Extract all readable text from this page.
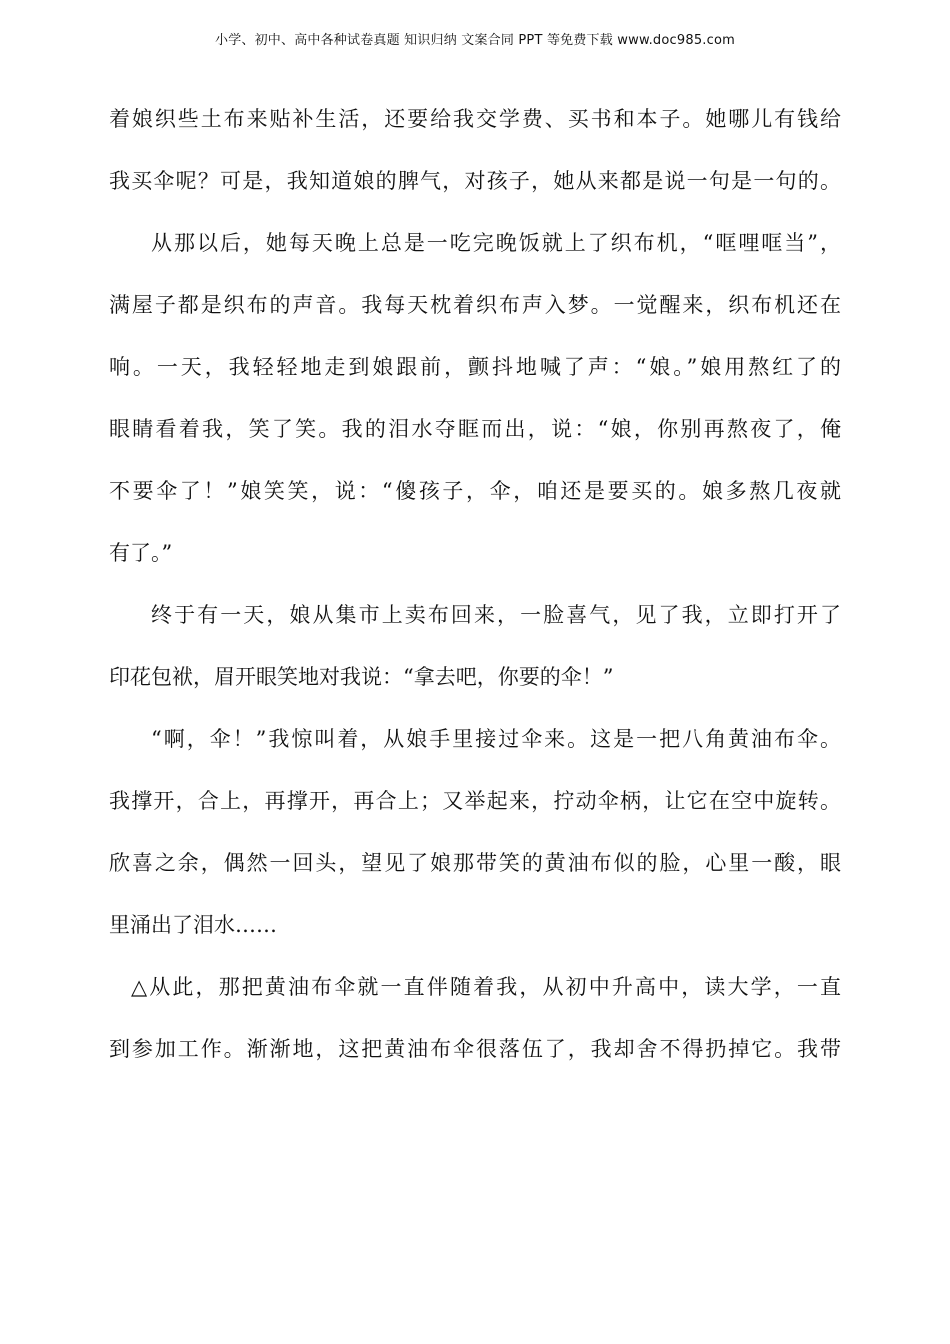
小学、初中、高中各种试卷真题 知识归纳 文案合同 PPT 等免费下载 www.doc985.com
着娘织些土布来贴补生活，还要给我交学费、买书和本子。她哪儿有钱给
我买伞呢？可是，我知道娘的脾气，对孩子，她从来都是说一句是一句的。
从那以后，她每天晚上总是一吃完晚饭就上了织布机，“哐哩哐当”，
满屋子都是织布的声音。我每天枕着织布声入梦。一觉醒来，织布机还在
响。一天，我轻轻地走到娘跟前，颤抖地喊了声：“娘。”娘用熬红了的
眼睛看着我，笑了笑。我的泪水夺眶而出，说：“娘，你别再熬夜了，俺
不要伞了！”娘笑笑，说：“傻孩子，伞，咱还是要买的。娘多熬几夜就
有了。”
终于有一天，娘从集市上卖布回来，一脸喜气，见了我，立即打开了
印花包袱，眉开眼笑地对我说：“拿去吧，你要的伞！”
“啊，伞！”我惊叫着，从娘手里接过伞来。这是一把八角黄油布伞。
我撑开，合上，再撑开，再合上；又举起来，拧动伞柄，让它在空中旋转。
欣喜之余，偶然一回头，望见了娘那带笑的黄油布似的脸，心里一酸，眼
里涌出了泪水……
△从此，那把黄油布伞就一直伴随着我，从初中升高中，读大学，一直
到参加工作。渐渐地，这把黄油布伞很落伍了，我却舍不得扔掉它。我带
